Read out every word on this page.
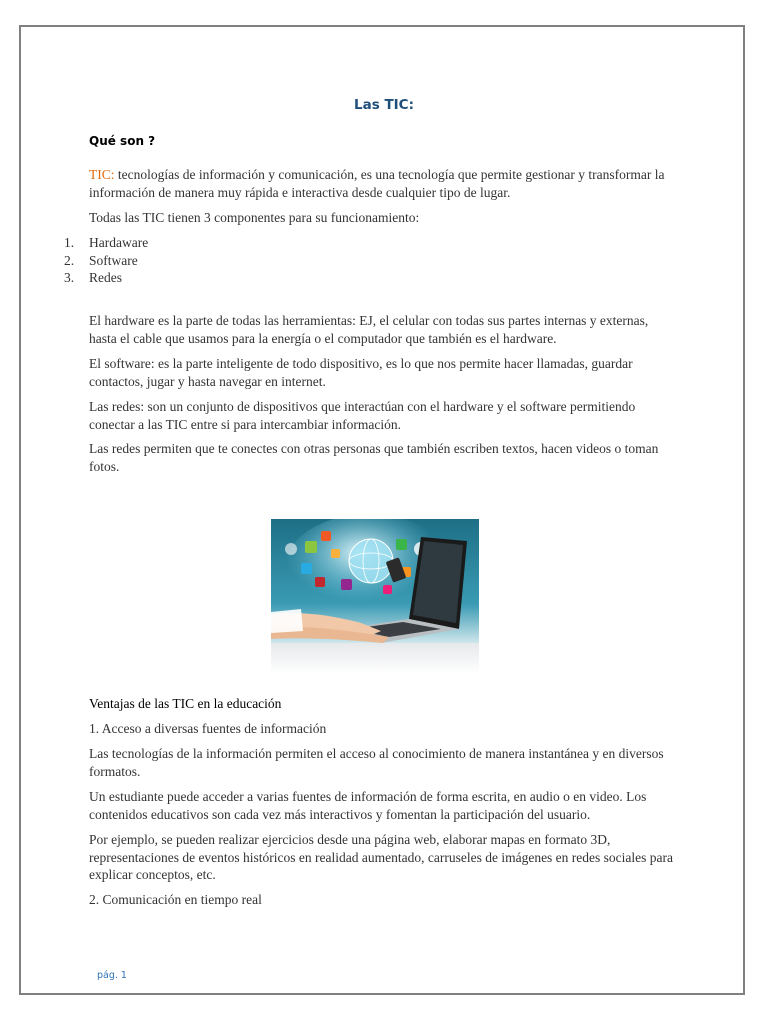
Las TIC:
Qué son ?

TIC: tecnologías de información y comunicación, es una tecnología que permite gestionar y transformar la información de manera muy rápida e interactiva desde cualquier tipo de lugar.

Todas las TIC tienen 3 componentes para su funcionamiento:

1. Hardaware
2. Software
3. Redes

El hardware es la parte de todas las herramientas: EJ, el celular con todas sus partes internas y externas, hasta el cable que usamos para la energía o el computador que también es el hardware.

El software: es la parte inteligente de todo dispositivo, es lo que nos permite hacer llamadas, guardar contactos, jugar y hasta navegar en internet.

Las redes: son un conjunto de dispositivos que interactúan con el hardware y el software permitiendo conectar a las TIC entre si para intercambiar información.

Las redes permiten que te conectes con otras personas que también escriben textos, hacen videos o toman fotos.

Ventajas de las TIC en la educación

1. Acceso a diversas fuentes de información

Las tecnologías de la información permiten el acceso al conocimiento de manera instantánea y en diversos formatos.

Un estudiante puede acceder a varias fuentes de información de forma escrita, en audio o en video. Los contenidos educativos son cada vez más interactivos y fomentan la participación del usuario.

Por ejemplo, se pueden realizar ejercicios desde una página web, elaborar mapas en formato 3D, representaciones de eventos históricos en realidad aumentado, carruseles de imágenes en redes sociales para explicar conceptos, etc.

2. Comunicación en tiempo real

pág. 1
